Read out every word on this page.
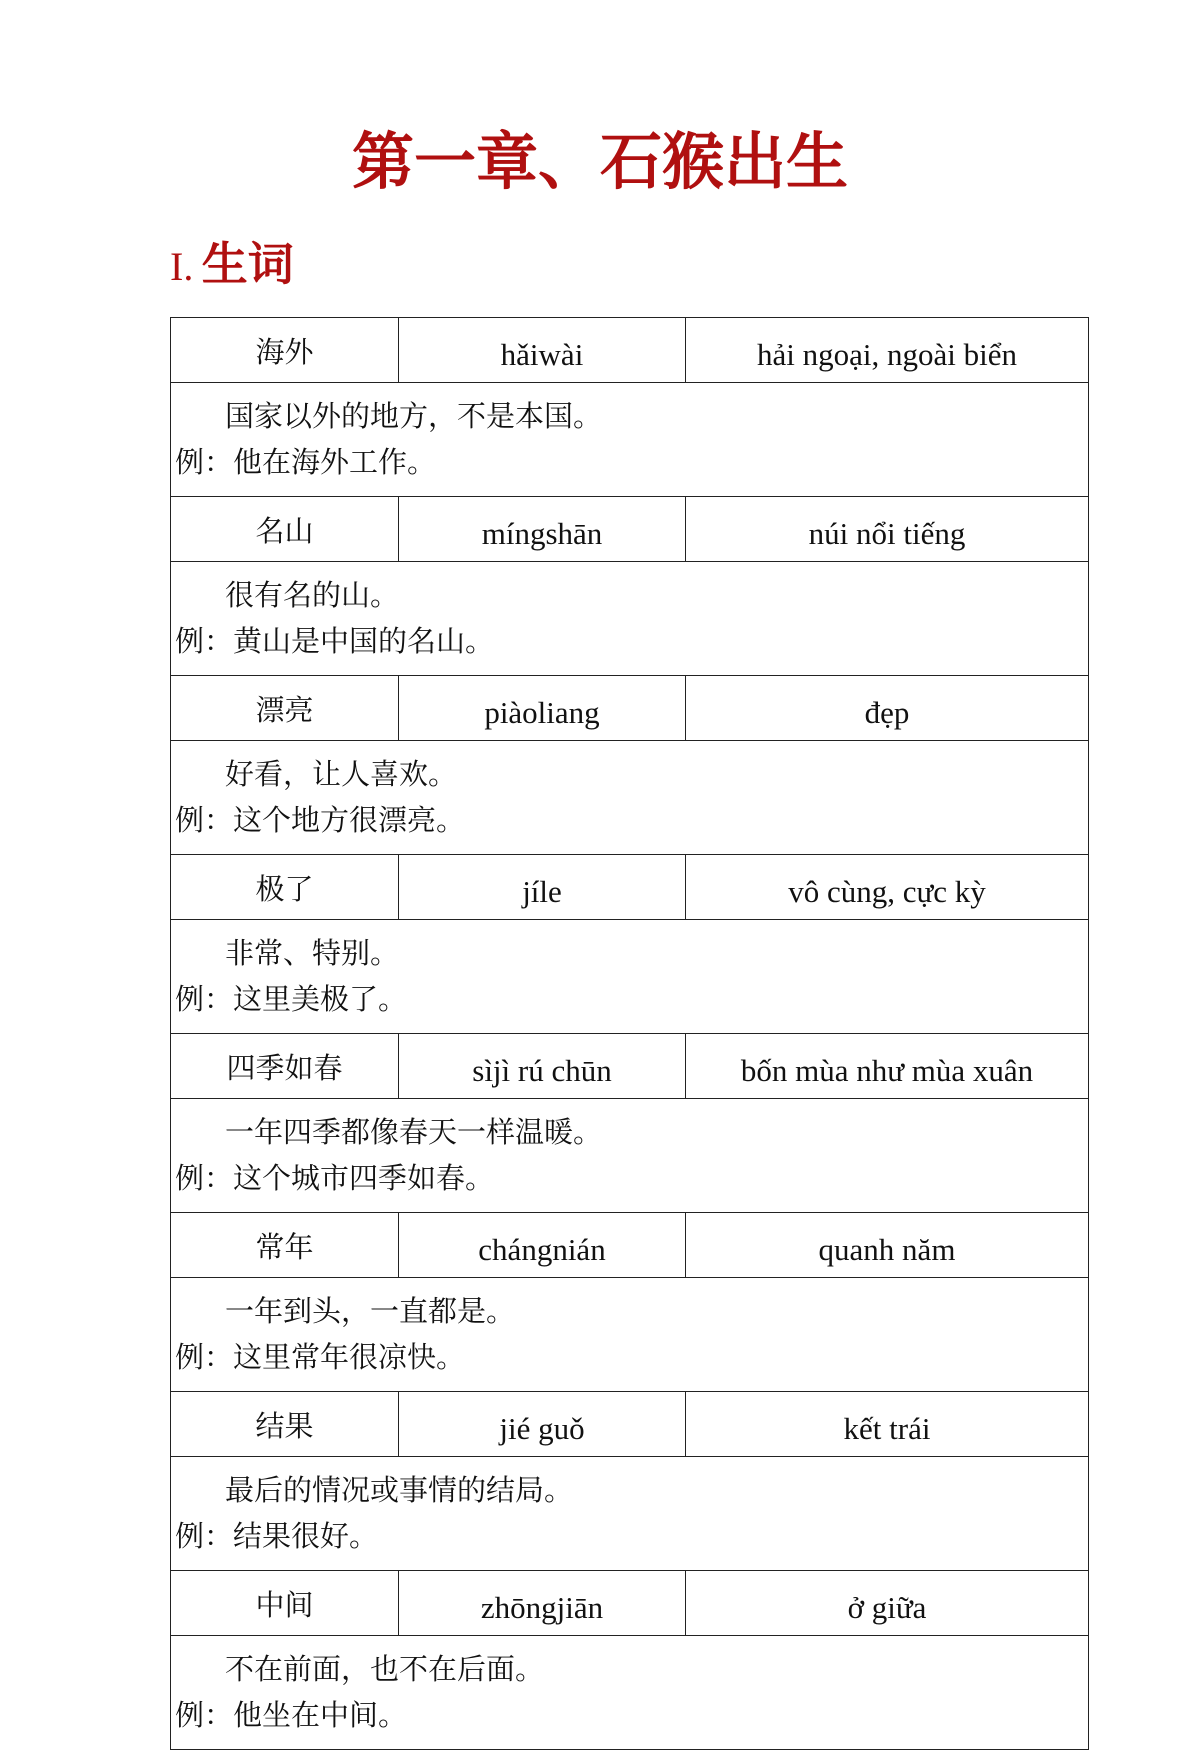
第一章、石猴出生
I. 生词
海外	hǎiwài	hải ngoại, ngoài biển

国家以外的地方，不是本国。
例：他在海外工作。		

名山	míngshān	núi nổi tiếng

很有名的山。
例：黄山是中国的名山。		

漂亮	piàoliang	đẹp

好看，让人喜欢。
例：这个地方很漂亮。		

极了	jíle	vô cùng, cực kỳ

非常、特别。
例：这里美极了。		

四季如春	sìjì rú chūn	bốn mùa như mùa xuân

一年四季都像春天一样温暖。
例：这个城市四季如春。		

常年	chángnián	quanh năm

一年到头，一直都是。
例：这里常年很凉快。		

结果	jié guǒ	kết trái

最后的情况或事情的结局。
例：结果很好。		

中间	zhōngjiān	ở giữa

不在前面，也不在后面。
例：他坐在中间。		
